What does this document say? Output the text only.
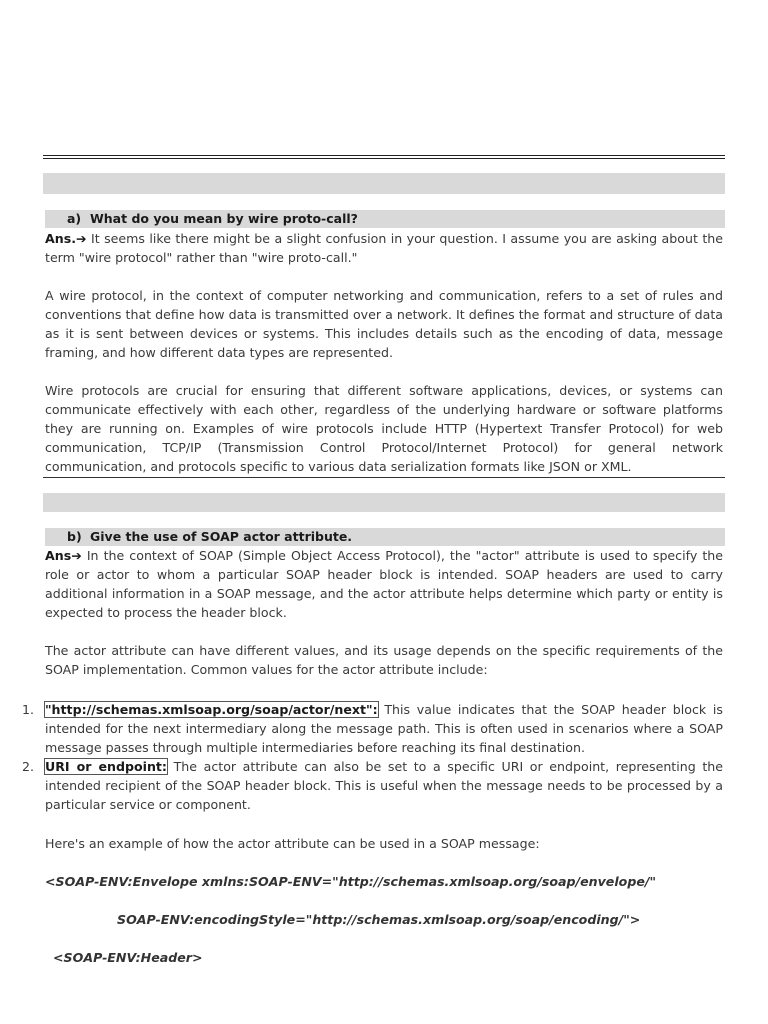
a) What do you mean by wire proto-call?

Ans.➔ It seems like there might be a slight confusion in your question. I assume you are asking about the term "wire protocol" rather than "wire proto-call."

A wire protocol, in the context of computer networking and communication, refers to a set of rules and conventions that define how data is transmitted over a network. It defines the format and structure of data as it is sent between devices or systems. This includes details such as the encoding of data, message framing, and how different data types are represented.

Wire protocols are crucial for ensuring that different software applications, devices, or systems can communicate effectively with each other, regardless of the underlying hardware or software platforms they are running on. Examples of wire protocols include HTTP (Hypertext Transfer Protocol) for web communication, TCP/IP (Transmission Control Protocol/Internet Protocol) for general network communication, and protocols specific to various data serialization formats like JSON or XML.

b) Give the use of SOAP actor attribute.

Ans➔ In the context of SOAP (Simple Object Access Protocol), the "actor" attribute is used to specify the role or actor to whom a particular SOAP header block is intended. SOAP headers are used to carry additional information in a SOAP message, and the actor attribute helps determine which party or entity is expected to process the header block.

The actor attribute can have different values, and its usage depends on the specific requirements of the SOAP implementation. Common values for the actor attribute include:

1. "http://schemas.xmlsoap.org/soap/actor/next": This value indicates that the SOAP header block is intended for the next intermediary along the message path. This is often used in scenarios where a SOAP message passes through multiple intermediaries before reaching its final destination.

2. URI or endpoint: The actor attribute can also be set to a specific URI or endpoint, representing the intended recipient of the SOAP header block. This is useful when the message needs to be processed by a particular service or component.

Here's an example of how the actor attribute can be used in a SOAP message:

<SOAP-ENV:Envelope xmlns:SOAP-ENV="http://schemas.xmlsoap.org/soap/envelope/"
SOAP-ENV:encodingStyle="http://schemas.xmlsoap.org/soap/encoding/">
<SOAP-ENV:Header>
